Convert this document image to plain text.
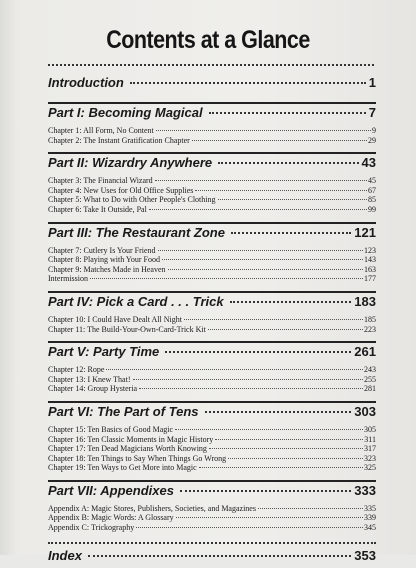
Contents at a Glance
Introduction	1
Part I: Becoming Magical	7
Chapter 1: All Form, No Content	9
Chapter 2: The Instant Gratification Chapter	29
Part II: Wizardry Anywhere	43
Chapter 3: The Financial Wizard	45
Chapter 4: New Uses for Old Office Supplies	67
Chapter 5: What to Do with Other People's Clothing	85
Chapter 6: Take It Outside, Pal	99
Part III: The Restaurant Zone	121
Chapter 7: Cutlery Is Your Friend	123
Chapter 8: Playing with Your Food	143
Chapter 9: Matches Made in Heaven	163
Intermission	177
Part IV: Pick a Card . . . Trick	183
Chapter 10: I Could Have Dealt All Night	185
Chapter 11: The Build-Your-Own-Card-Trick Kit	223
Part V: Party Time	261
Chapter 12: Rope	243
Chapter 13: I Knew That!	255
Chapter 14: Group Hysteria	281
Part VI: The Part of Tens	303
Chapter 15: Ten Basics of Good Magic	305
Chapter 16: Ten Classic Moments in Magic History	311
Chapter 17: Ten Dead Magicians Worth Knowing	317
Chapter 18: Ten Things to Say When Things Go Wrong	323
Chapter 19: Ten Ways to Get More into Magic	325
Part VII: Appendixes	333
Appendix A: Magic Stores, Publishers, Societies, and Magazines	335
Appendix B: Magic Words: A Glossary	339
Appendix C: Trickography	345
Index	353
